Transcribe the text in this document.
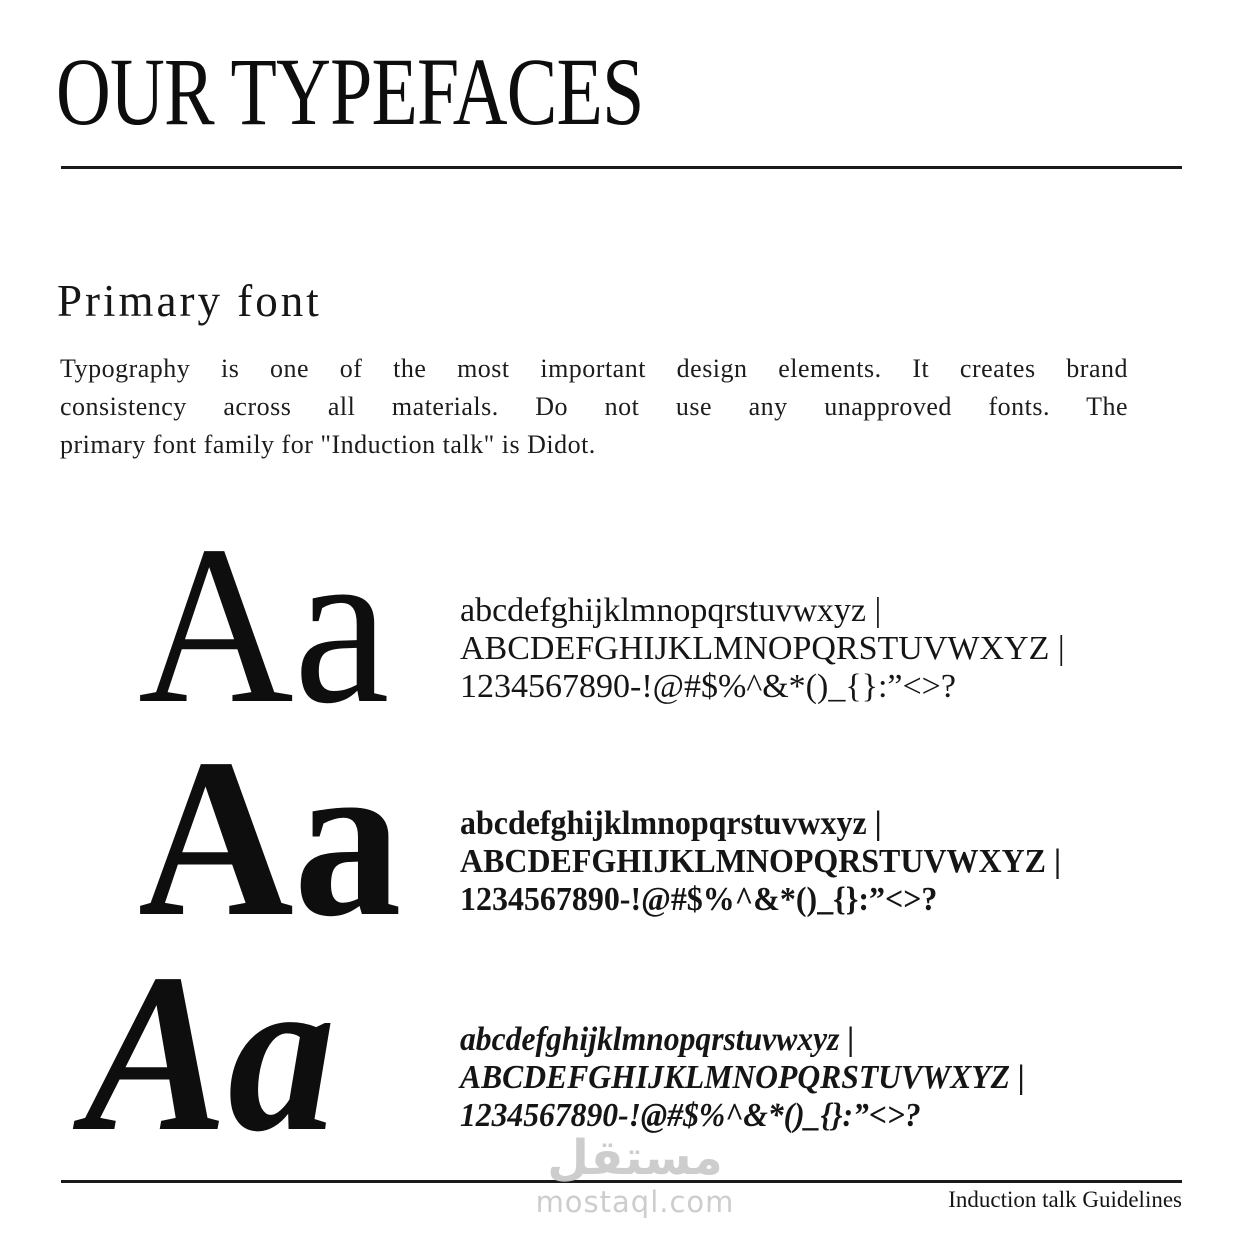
OUR TYPEFACES
Primary font
Typography is one of the most important design elements. It creates brand
consistency across all materials. Do not use any unapproved fonts. The
primary font family for "Induction talk" is Didot.
Aa abcdefghijklmnopqrstuvwxyz |
ABCDEFGHIJKLMNOPQRSTUVWXYZ |
1234567890-!@#$%^&*()_{}:”<>?
Aa abcdefghijklmnopqrstuvwxyz |
ABCDEFGHIJKLMNOPQRSTUVWXYZ |
1234567890-!@#$%^&*()_{}:”<>?
Aa	abcdefghijklmnopqrstuvwxyz |
ABCDEFGHIJKLMNOPQRSTUVWXYZ |
1234567890-!@#$%^&*()_{}:”<>?
Induction talk Guidelines
مستقل
mostaql.com
